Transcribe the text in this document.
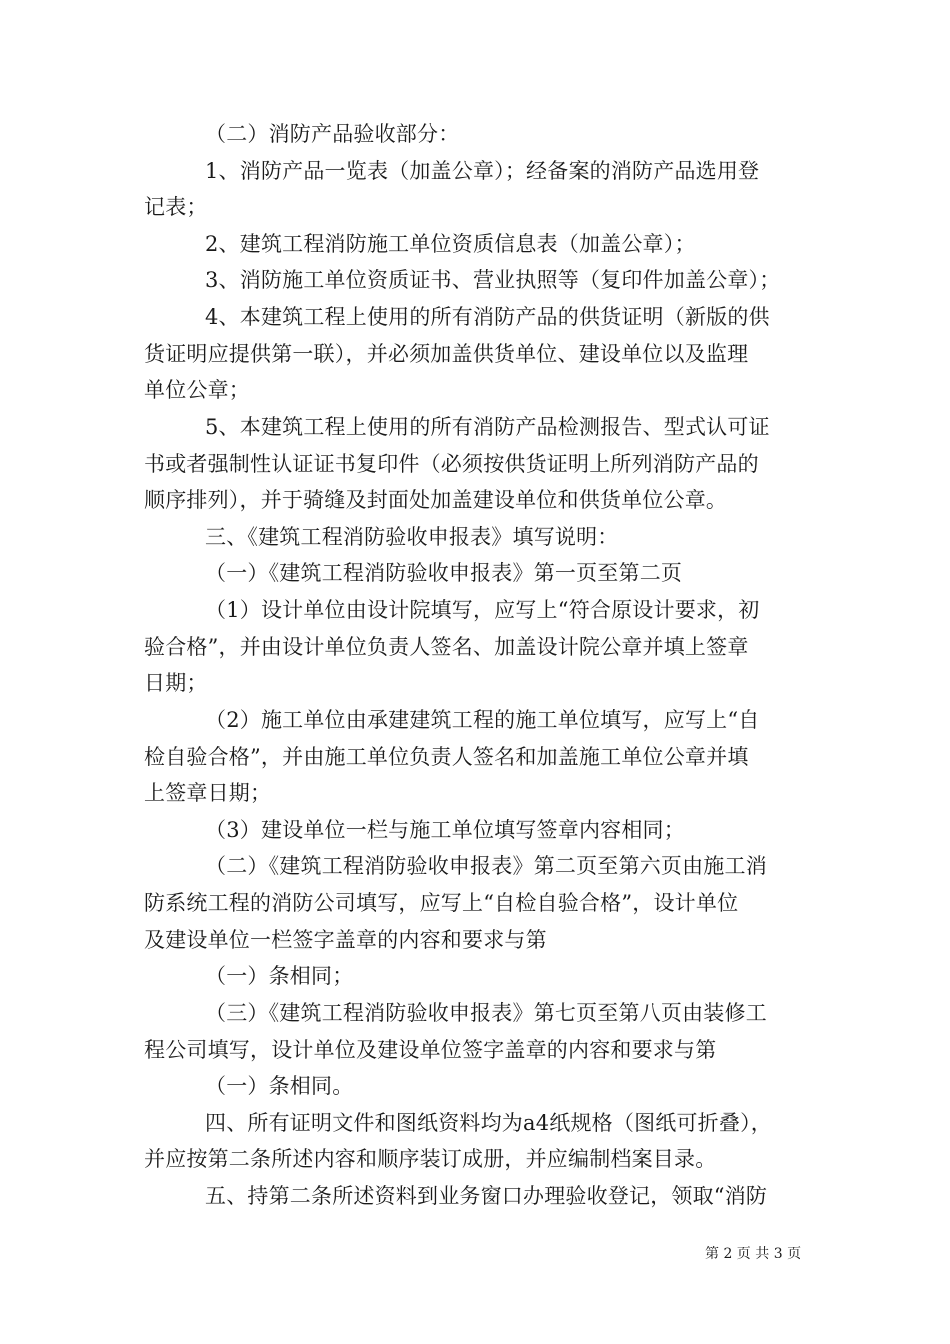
（二）消防产品验收部分：
1、消防产品一览表（加盖公章）；经备案的消防产品选用登
记表；
2、建筑工程消防施工单位资质信息表（加盖公章）；
3、消防施工单位资质证书、营业执照等（复印件加盖公章）；
4、本建筑工程上使用的所有消防产品的供货证明（新版的供
货证明应提供第一联），并必须加盖供货单位、建设单位以及监理
单位公章；
5、本建筑工程上使用的所有消防产品检测报告、型式认可证
书或者强制性认证证书复印件（必须按供货证明上所列消防产品的
顺序排列），并于骑缝及封面处加盖建设单位和供货单位公章。
三、《建筑工程消防验收申报表》填写说明：
（一）《建筑工程消防验收申报表》第一页至第二页
（1）设计单位由设计院填写，应写上“符合原设计要求，初
验合格”，并由设计单位负责人签名、加盖设计院公章并填上签章
日期；
（2）施工单位由承建建筑工程的施工单位填写，应写上“自
检自验合格”，并由施工单位负责人签名和加盖施工单位公章并填
上签章日期；
（3）建设单位一栏与施工单位填写签章内容相同；
（二）《建筑工程消防验收申报表》第二页至第六页由施工消
防系统工程的消防公司填写，应写上“自检自验合格”，设计单位
及建设单位一栏签字盖章的内容和要求与第
（一）条相同；
（三）《建筑工程消防验收申报表》第七页至第八页由装修工
程公司填写，设计单位及建设单位签字盖章的内容和要求与第
（一）条相同。
四、所有证明文件和图纸资料均为a4纸规格（图纸可折叠），
并应按第二条所述内容和顺序装订成册，并应编制档案目录。
五、持第二条所述资料到业务窗口办理验收登记，领取“消防
第 2 页 共 3 页
